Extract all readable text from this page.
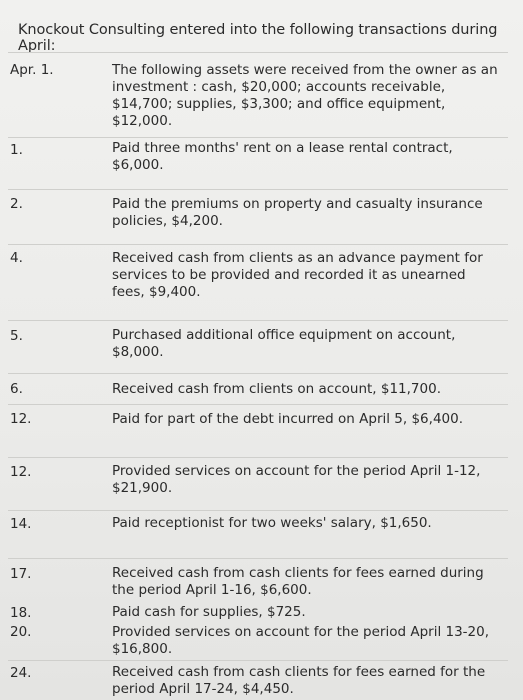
Knockout Consulting entered into the following transactions during April:
Apr. 1.	The following assets were received from the owner as an investment : cash, $20,000; accounts receivable, $14,700; supplies, $3,300; and office equipment, $12,000.
1.	Paid three months' rent on a lease rental contract, $6,000.
2.	Paid the premiums on property and casualty insurance policies, $4,200.
4.	Received cash from clients as an advance payment for services to be provided and recorded it as unearned fees, $9,400.
5.	Purchased additional office equipment on account, $8,000.
6.	Received cash from clients on account, $11,700.
12.	Paid for part of the debt incurred on April 5, $6,400.
12.	Provided services on account for the period April 1-12, $21,900.
14.	Paid receptionist for two weeks' salary, $1,650.
17.	Received cash from cash clients for fees earned during the period April 1-16, $6,600.
18.	Paid cash for supplies, $725.
20.	Provided services on account for the period April 13-20, $16,800.
24.	Received cash from cash clients for fees earned for the period April 17-24, $4,450.
